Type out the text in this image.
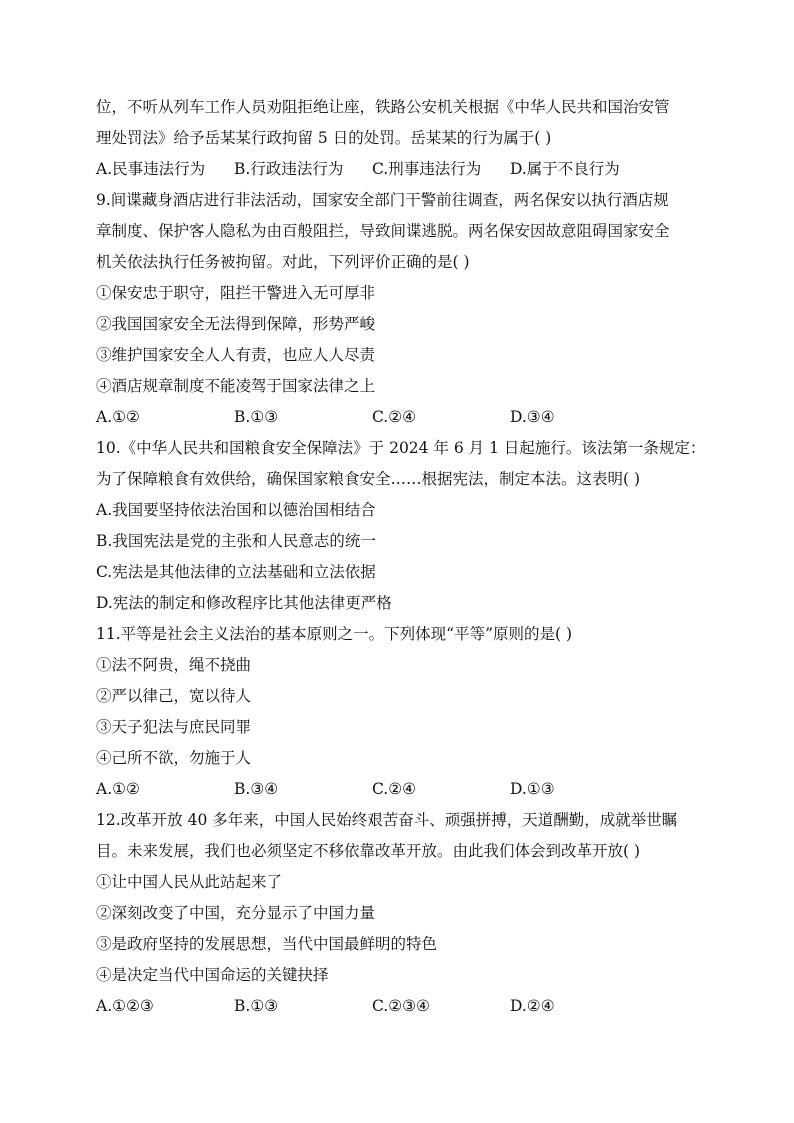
位，不听从列车工作人员劝阻拒绝让座，铁路公安机关根据《中华人民共和国治安管
理处罚法》给予岳某某行政拘留 5 日的处罚。岳某某的行为属于( )
A.民事违法行为	B.行政违法行为	C.刑事违法行为	D.属于不良行为
9.间谍藏身酒店进行非法活动，国家安全部门干警前往调查，两名保安以执行酒店规
章制度、保护客人隐私为由百般阻拦，导致间谍逃脱。两名保安因故意阻碍国家安全
机关依法执行任务被拘留。对此，下列评价正确的是( )
①保安忠于职守，阻拦干警进入无可厚非
②我国国家安全无法得到保障，形势严峻
③维护国家安全人人有责，也应人人尽责
④酒店规章制度不能凌驾于国家法律之上
A.①②	B.①③	C.②④	D.③④
10.《中华人民共和国粮食安全保障法》于 2024 年 6 月 1 日起施行。该法第一条规定：
为了保障粮食有效供给，确保国家粮食安全……根据宪法，制定本法。这表明( )
A.我国要坚持依法治国和以德治国相结合
B.我国宪法是党的主张和人民意志的统一
C.宪法是其他法律的立法基础和立法依据
D.宪法的制定和修改程序比其他法律更严格
11.平等是社会主义法治的基本原则之一。下列体现“平等”原则的是( )
①法不阿贵，绳不挠曲
②严以律己，宽以待人
③天子犯法与庶民同罪
④己所不欲，勿施于人
A.①②	B.③④	C.②④	D.①③
12.改革开放 40 多年来，中国人民始终艰苦奋斗、顽强拼搏，天道酬勤，成就举世瞩
目。未来发展，我们也必须坚定不移依靠改革开放。由此我们体会到改革开放( )
①让中国人民从此站起来了
②深刻改变了中国，充分显示了中国力量
③是政府坚持的发展思想，当代中国最鲜明的特色
④是决定当代中国命运的关键抉择
A.①②③	B.①③	C.②③④	D.②④
